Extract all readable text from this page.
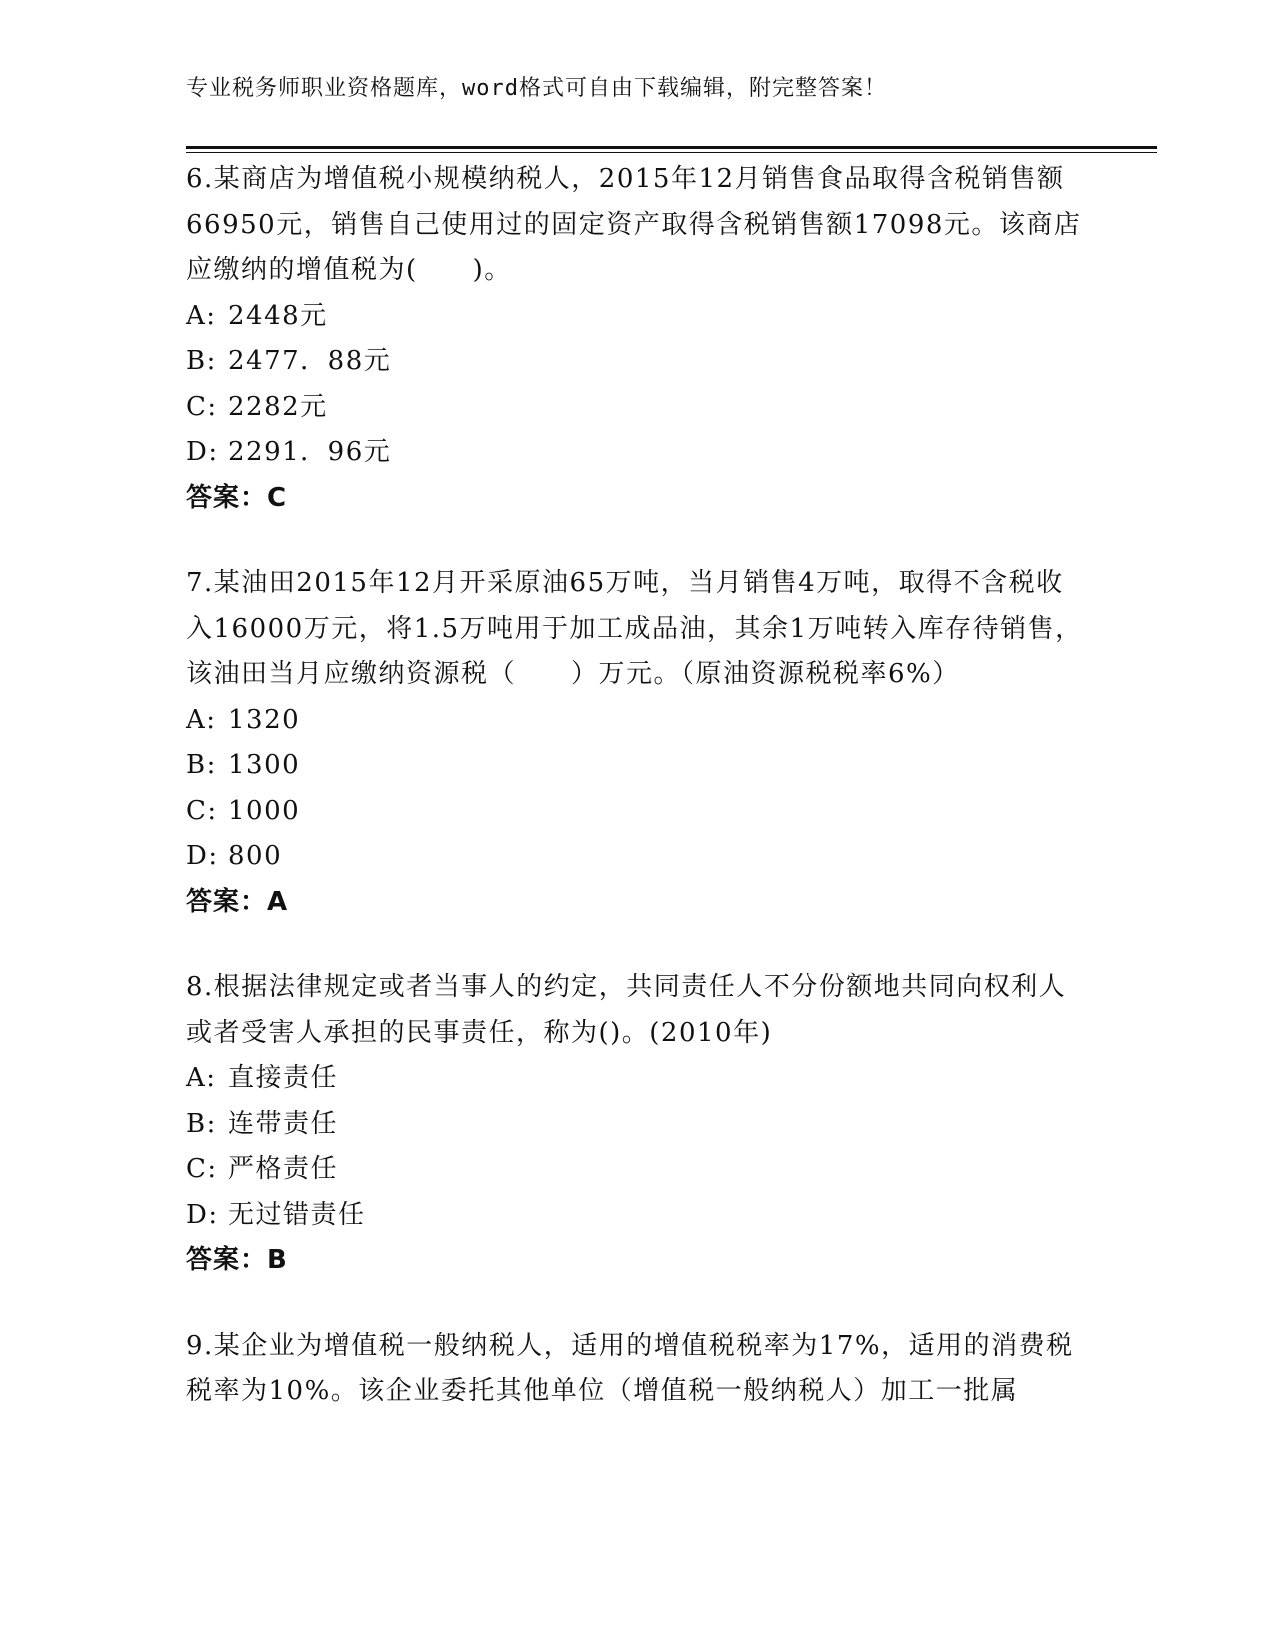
专业税务师职业资格题库，word格式可自由下载编辑，附完整答案！

6.某商店为增值税小规模纳税人，2015年12月销售食品取得含税销售额66950元，销售自己使用过的固定资产取得含税销售额17098元。该商店应缴纳的增值税为(　　)。

A: 2448元

B: 2477．88元

C: 2282元

D: 2291．96元

答案：C

7.某油田2015年12月开采原油65万吨，当月销售4万吨，取得不含税收入16000万元，将1.5万吨用于加工成品油，其余1万吨转入库存待销售，该油田当月应缴纳资源税（　　）万元。（原油资源税税率6%）

A: 1320

B: 1300

C: 1000

D: 800

答案：A

8.根据法律规定或者当事人的约定，共同责任人不分份额地共同向权利人或者受害人承担的民事责任，称为()。(2010年)

A: 直接责任

B: 连带责任

C: 严格责任

D: 无过错责任

答案：B

9.某企业为增值税一般纳税人，适用的增值税税率为17%，适用的消费税税率为10%。该企业委托其他单位（增值税一般纳税人）加工一批属
